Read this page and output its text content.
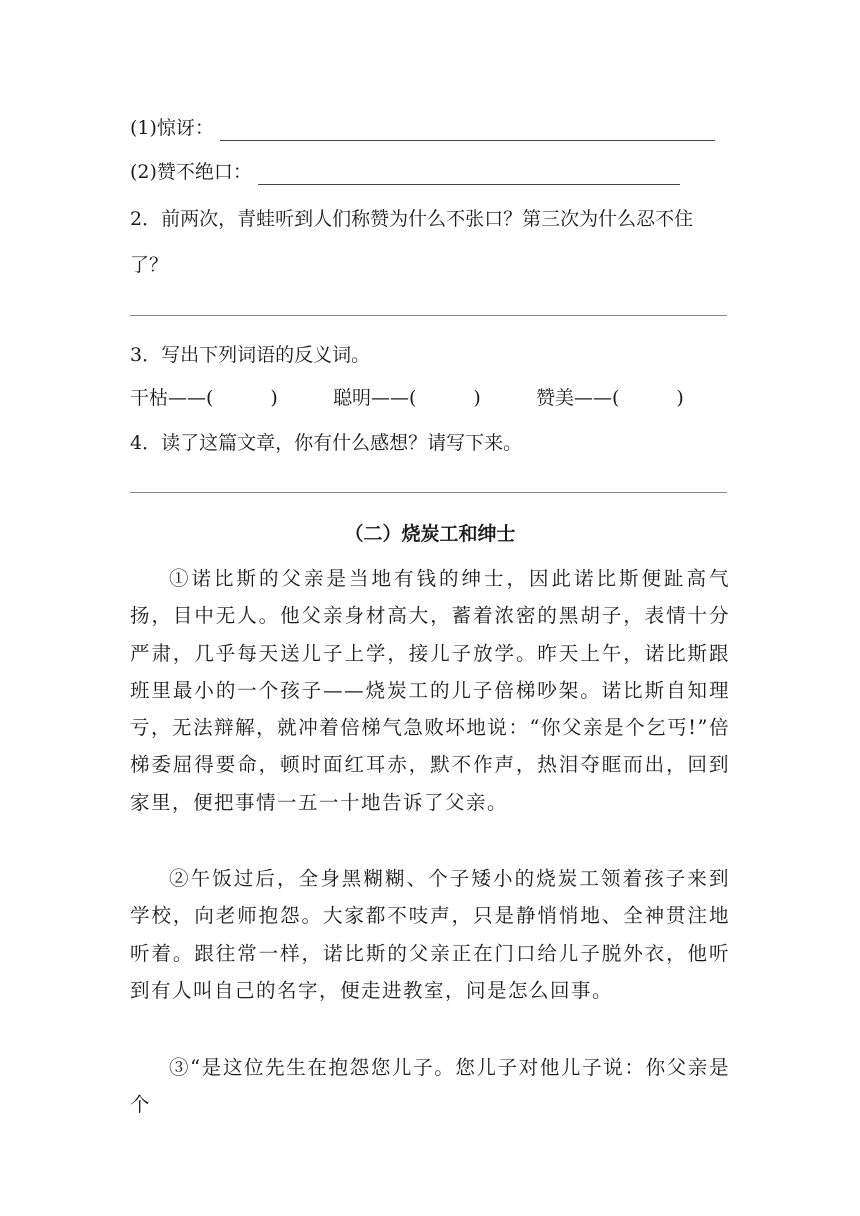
(1)惊讶：
(2)赞不绝口：
2．前两次，青蛙听到人们称赞为什么不张口？第三次为什么忍不住
了？
3．写出下列词语的反义词。
干枯——(　　　)	聪明——(　　　)	赞美——(　　　)
4．读了这篇文章，你有什么感想？请写下来。
（二）烧炭工和绅士

①诺比斯的父亲是当地有钱的绅士，因此诺比斯便趾高气扬，目中无人。他父亲身材高大，蓄着浓密的黑胡子，表情十分严肃，几乎每天送儿子上学，接儿子放学。昨天上午，诺比斯跟班里最小的一个孩子——烧炭工的儿子倍梯吵架。诺比斯自知理亏，无法辩解，就冲着倍梯气急败坏地说：“你父亲是个乞丐!”倍梯委屈得要命，顿时面红耳赤，默不作声，热泪夺眶而出，回到家里，便把事情一五一十地告诉了父亲。

②午饭过后，全身黑糊糊、个子矮小的烧炭工领着孩子来到学校，向老师抱怨。大家都不吱声，只是静悄悄地、全神贯注地听着。跟往常一样，诺比斯的父亲正在门口给儿子脱外衣，他听到有人叫自己的名字，便走进教室，问是怎么回事。

③“是这位先生在抱怨您儿子。您儿子对他儿子说：你父亲是个
